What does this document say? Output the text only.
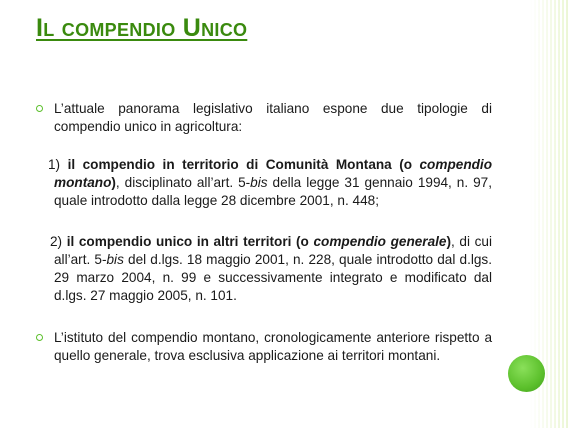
Il compendio Unico
L’attuale panorama legislativo italiano espone due tipologie di compendio unico in agricoltura:
1) il compendio in territorio di Comunità Montana (o compendio montano), disciplinato all’art. 5-bis della legge 31 gennaio 1994, n. 97, quale introdotto dalla legge 28 dicembre 2001, n. 448;
2) il compendio unico in altri territori (o compendio generale), di cui all’art. 5-bis del d.lgs. 18 maggio 2001, n. 228, quale introdotto dal d.lgs. 29 marzo 2004, n. 99 e successivamente integrato e modificato dal d.lgs. 27 maggio 2005, n. 101.
L’istituto del compendio montano, cronologicamente anteriore rispetto a quello generale, trova esclusiva applicazione ai territori montani.
